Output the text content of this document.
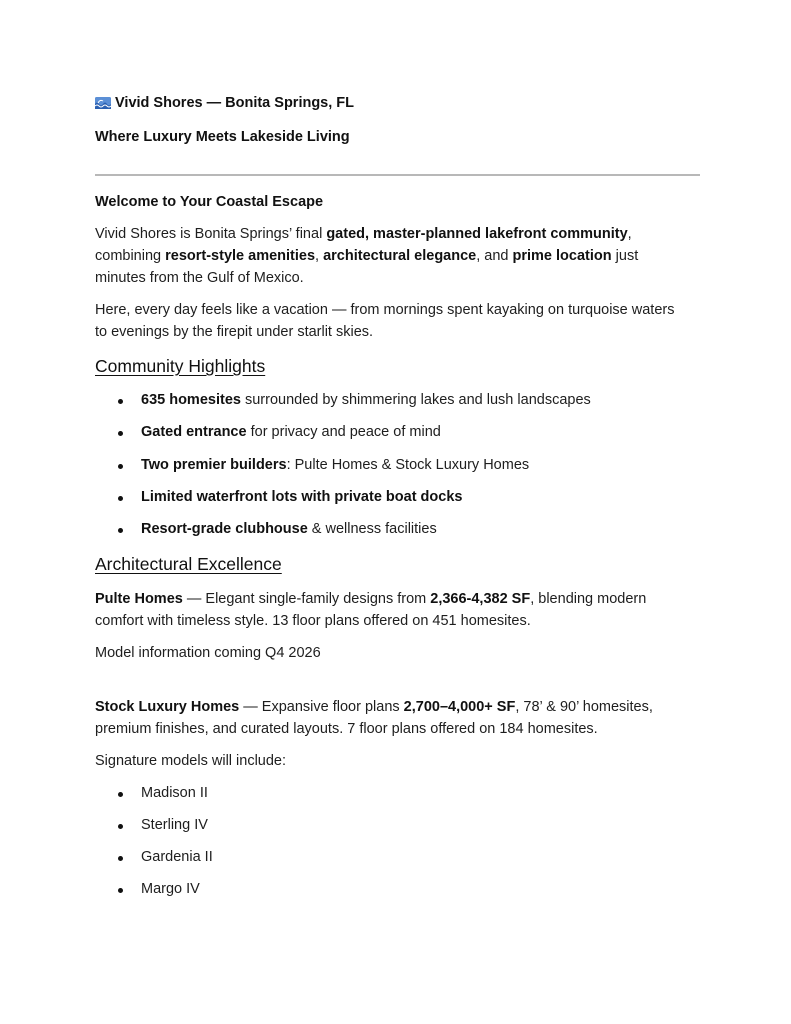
Vivid Shores — Bonita Springs, FL
Where Luxury Meets Lakeside Living
Welcome to Your Coastal Escape
Vivid Shores is Bonita Springs’ final gated, master-planned lakefront community,
combining resort-style amenities, architectural elegance, and prime location just
minutes from the Gulf of Mexico.
Here, every day feels like a vacation — from mornings spent kayaking on turquoise waters
to evenings by the firepit under starlit skies.
Community Highlights
635 homesites surrounded by shimmering lakes and lush landscapes
Gated entrance for privacy and peace of mind
Two premier builders: Pulte Homes & Stock Luxury Homes
Limited waterfront lots with private boat docks
Resort-grade clubhouse & wellness facilities
Architectural Excellence
Pulte Homes — Elegant single-family designs from 2,366-4,382 SF, blending modern
comfort with timeless style. 13 floor plans offered on 451 homesites.
Model information coming Q4 2026
Stock Luxury Homes — Expansive floor plans 2,700–4,000+ SF, 78’ & 90’ homesites,
premium finishes, and curated layouts. 7 floor plans offered on 184 homesites.
Signature models will include:
Madison II
Sterling IV
Gardenia II
Margo IV
